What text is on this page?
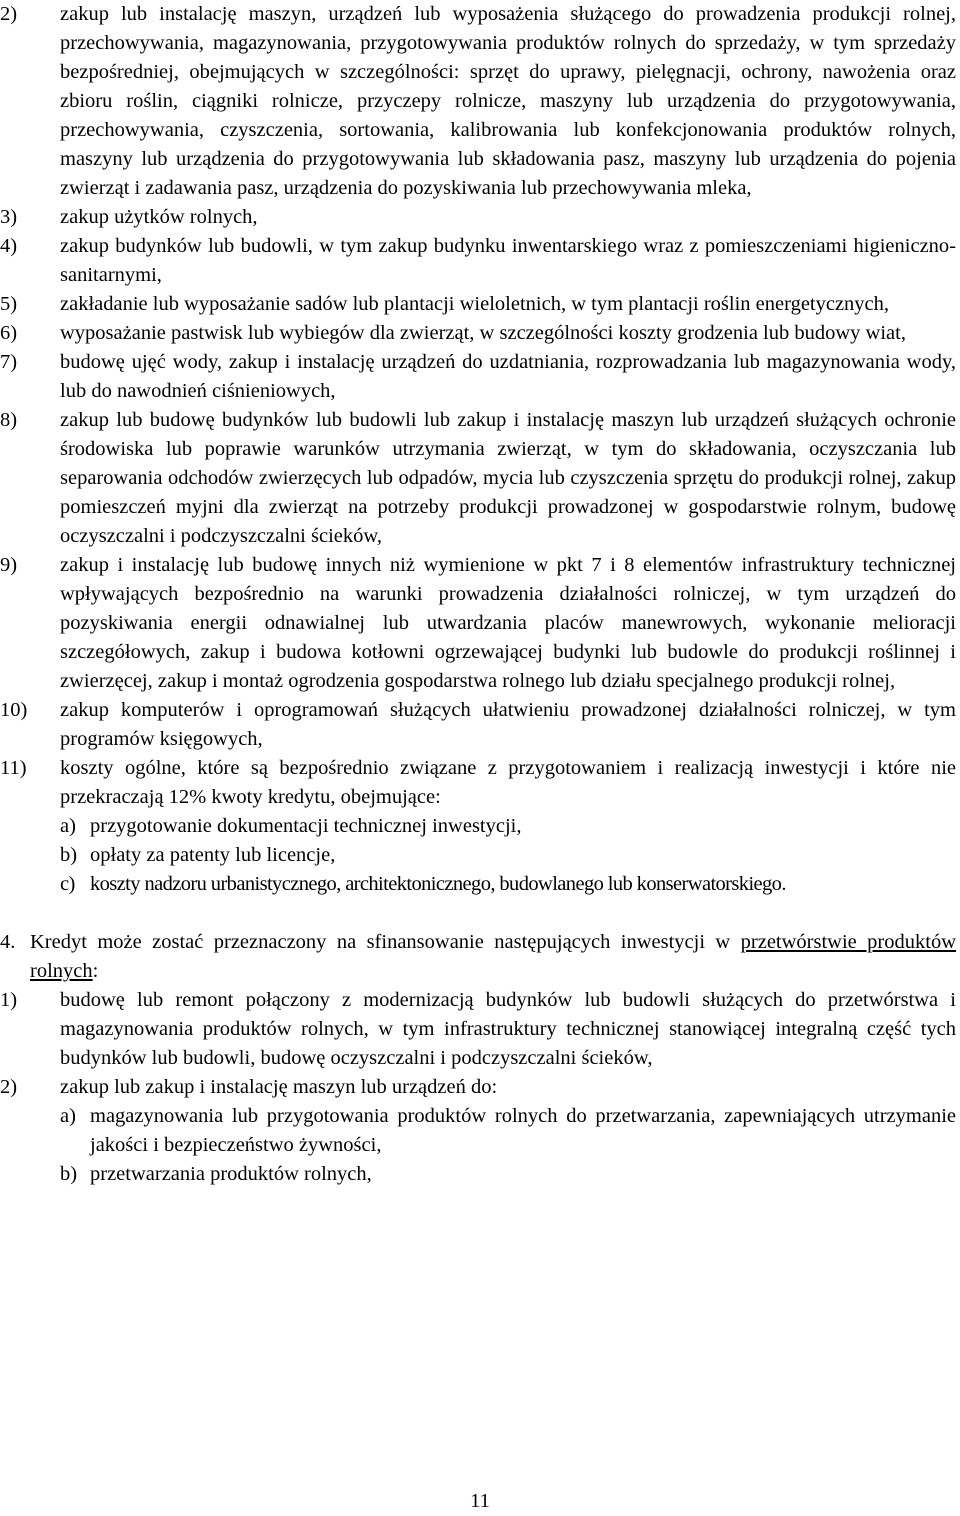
2) zakup lub instalację maszyn, urządzeń lub wyposażenia służącego do prowadzenia produkcji rolnej, przechowywania, magazynowania, przygotowywania produktów rolnych do sprzedaży, w tym sprzedaży bezpośredniej, obejmujących w szczególności: sprzęt do uprawy, pielęgnacji, ochrony, nawożenia oraz zbioru roślin, ciągniki rolnicze, przyczepy rolnicze, maszyny lub urządzenia do przygotowywania, przechowywania, czyszczenia, sortowania, kalibrowania lub konfekcjonowania produktów rolnych, maszyny lub urządzenia do przygotowywania lub składowania pasz, maszyny lub urządzenia do pojenia zwierząt i zadawania pasz, urządzenia do pozyskiwania lub przechowywania mleka,
3) zakup użytków rolnych,
4) zakup budynków lub budowli, w tym zakup budynku inwentarskiego wraz z pomieszczeniami higieniczno-sanitarnymi,
5) zakładanie lub wyposażanie sadów lub plantacji wieloletnich, w tym plantacji roślin energetycznych,
6) wyposażanie pastwisk lub wybiegów dla zwierząt, w szczególności koszty grodzenia lub budowy wiat,
7) budowę ujęć wody, zakup i instalację urządzeń do uzdatniania, rozprowadzania lub magazynowania wody, lub do nawodnień ciśnieniowych,
8) zakup lub budowę budynków lub budowli lub zakup i instalację maszyn lub urządzeń służących ochronie środowiska lub poprawie warunków utrzymania zwierząt, w tym do składowania, oczyszczania lub separowania odchodów zwierzęcych lub odpadów, mycia lub czyszczenia sprzętu do produkcji rolnej, zakup pomieszczeń myjni dla zwierząt na potrzeby produkcji prowadzonej w gospodarstwie rolnym, budowę oczyszczalni i podczyszczalni ścieków,
9) zakup i instalację lub budowę innych niż wymienione w pkt 7 i 8 elementów infrastruktury technicznej wpływających bezpośrednio na warunki prowadzenia działalności rolniczej, w tym urządzeń do pozyskiwania energii odnawialnej lub utwardzania placów manewrowych, wykonanie melioracji szczegółowych, zakup i budowa kotłowni ogrzewającej budynki lub budowle do produkcji roślinnej i zwierzęcej, zakup i montaż ogrodzenia gospodarstwa rolnego lub działu specjalnego produkcji rolnej,
10) zakup komputerów i oprogramowań służących ułatwieniu prowadzonej działalności rolniczej, w tym programów księgowych,
11) koszty ogólne, które są bezpośrednio związane z przygotowaniem i realizacją inwestycji i które nie przekraczają 12% kwoty kredytu, obejmujące:
a) przygotowanie dokumentacji technicznej inwestycji,
b) opłaty za patenty lub licencje,
c) koszty nadzoru urbanistycznego, architektonicznego, budowlanego lub konserwatorskiego.
4. Kredyt może zostać przeznaczony na sfinansowanie następujących inwestycji w przetwórstwie produktów rolnych:
1) budowę lub remont połączony z modernizacją budynków lub budowli służących do przetwórstwa i magazynowania produktów rolnych, w tym infrastruktury technicznej stanowiącej integralną część tych budynków lub budowli, budowę oczyszczalni i podczyszczalni ścieków,
2) zakup lub zakup i instalację maszyn lub urządzeń do:
a) magazynowania lub przygotowania produktów rolnych do przetwarzania, zapewniających utrzymanie jakości i bezpieczeństwo żywności,
b) przetwarzania produktów rolnych,
11
